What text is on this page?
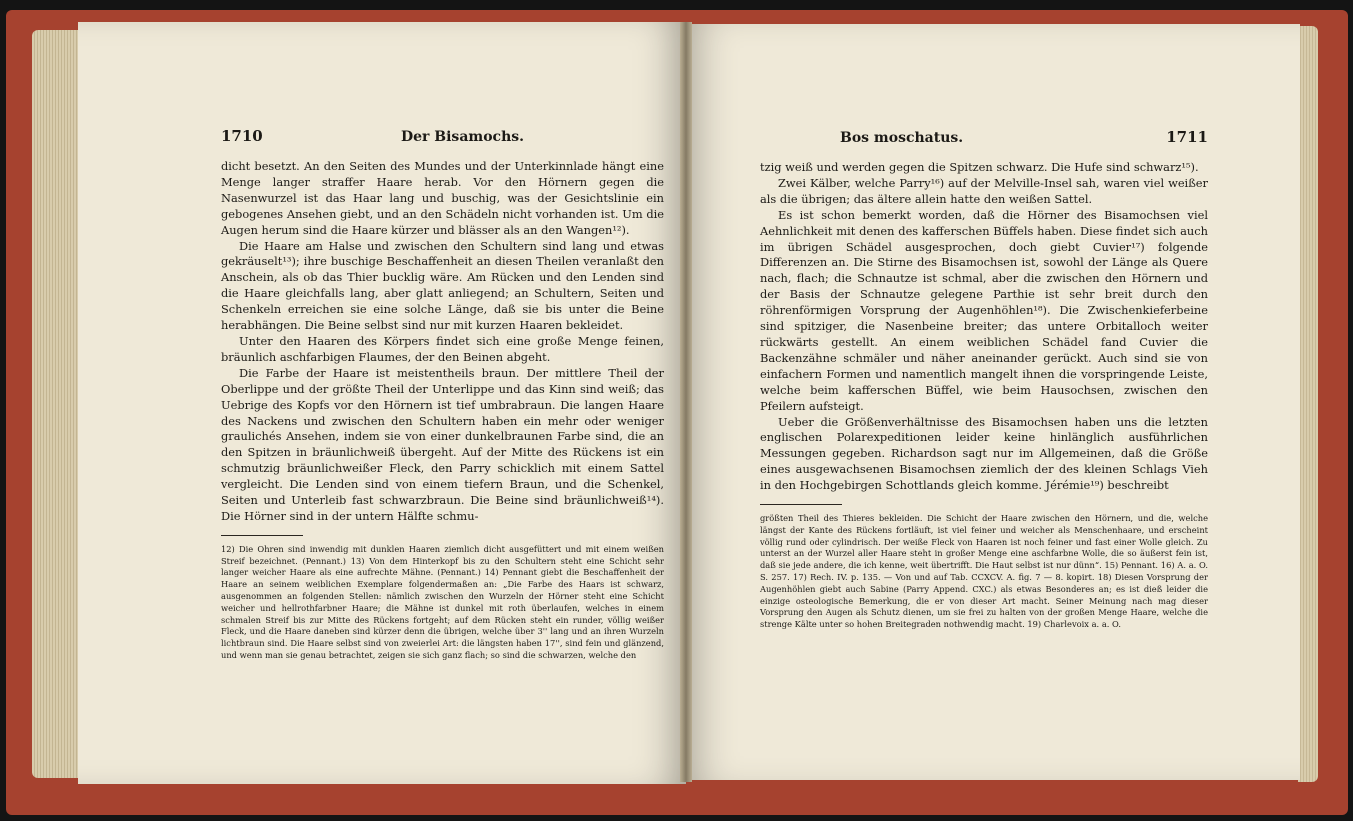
1710	Der Bisamochs.

dicht besetzt. An den Seiten des Mundes und der Unterkinnlade hängt eine Menge langer straffer Haare herab. Vor den Hörnern gegen die Nasenwurzel ist das Haar lang und buschig, was der Gesichtslinie ein gebogenes Ansehen giebt, und an den Schädeln nicht vorhanden ist. Um die Augen herum sind die Haare kürzer und blässer als an den Wangen¹²).

Die Haare am Halse und zwischen den Schultern sind lang und etwas gekräuselt¹³); ihre buschige Beschaffenheit an diesen Theilen veranlaßt den Anschein, als ob das Thier bucklig wäre. Am Rücken und den Lenden sind die Haare gleichfalls lang, aber glatt anliegend; an Schultern, Seiten und Schenkeln erreichen sie eine solche Länge, daß sie bis unter die Beine herabhängen. Die Beine selbst sind nur mit kurzen Haaren bekleidet.

Unter den Haaren des Körpers findet sich eine große Menge feinen, bräunlich aschfarbigen Flaumes, der den Beinen abgeht.

Die Farbe der Haare ist meistentheils braun. Der mittlere Theil der Oberlippe und der größte Theil der Unterlippe und das Kinn sind weiß; das Uebrige des Kopfs vor den Hörnern ist tief umbrabraun. Die langen Haare des Nackens und zwischen den Schultern haben ein mehr oder weniger graulichés Ansehen, indem sie von einer dunkelbraunen Farbe sind, die an den Spitzen in bräunlichweiß übergeht. Auf der Mitte des Rückens ist ein schmutzig bräunlichweißer Fleck, den Parry schicklich mit einem Sattel vergleicht. Die Lenden sind von einem tiefern Braun, und die Schenkel, Seiten und Unterleib fast schwarzbraun. Die Beine sind bräunlichweiß¹⁴). Die Hörner sind in der untern Hälfte schmu-

12) Die Ohren sind inwendig mit dunklen Haaren ziemlich dicht ausgefüttert und mit einem weißen Streif bezeichnet. (Pennant.) 13) Von dem Hinterkopf bis zu den Schultern steht eine Schicht sehr langer weicher Haare als eine aufrechte Mähne. (Pennant.) 14) Pennant giebt die Beschaffenheit der Haare an seinem weiblichen Exemplare folgendermaßen an: „Die Farbe des Haars ist schwarz, ausgenommen an folgenden Stellen: nämlich zwischen den Wurzeln der Hörner steht eine Schicht weicher und hellrothfarbner Haare; die Mähne ist dunkel mit roth überlaufen, welches in einem schmalen Streif bis zur Mitte des Rückens fortgeht; auf dem Rücken steht ein runder, völlig weißer Fleck, und die Haare daneben sind kürzer denn die übrigen, welche über 3'' lang und an ihren Wurzeln lichtbraun sind. Die Haare selbst sind von zweierlei Art: die längsten haben 17'', sind fein und glänzend, und wenn man sie genau betrachtet, zeigen sie sich ganz flach; so sind die schwarzen, welche den

Bos moschatus.	1711

tzig weiß und werden gegen die Spitzen schwarz. Die Hufe sind schwarz¹⁵).

Zwei Kälber, welche Parry¹⁶) auf der Melville-Insel sah, waren viel weißer als die übrigen; das ältere allein hatte den weißen Sattel.

Es ist schon bemerkt worden, daß die Hörner des Bisamochsen viel Aehnlichkeit mit denen des kafferschen Büffels haben. Diese findet sich auch im übrigen Schädel ausgesprochen, doch giebt Cuvier¹⁷) folgende Differenzen an. Die Stirne des Bisamochsen ist, sowohl der Länge als Quere nach, flach; die Schnautze ist schmal, aber die zwischen den Hörnern und der Basis der Schnautze gelegene Parthie ist sehr breit durch den röhrenförmigen Vorsprung der Augenhöhlen¹⁸). Die Zwischenkieferbeine sind spitziger, die Nasenbeine breiter; das untere Orbitalloch weiter rückwärts gestellt. An einem weiblichen Schädel fand Cuvier die Backenzähne schmäler und näher aneinander gerückt. Auch sind sie von einfachern Formen und namentlich mangelt ihnen die vorspringende Leiste, welche beim kafferschen Büffel, wie beim Hausochsen, zwischen den Pfeilern aufsteigt.

Ueber die Größenverhältnisse des Bisamochsen haben uns die letzten englischen Polarexpeditionen leider keine hinlänglich ausführlichen Messungen gegeben. Richardson sagt nur im Allgemeinen, daß die Größe eines ausgewachsenen Bisamochsen ziemlich der des kleinen Schlags Vieh in den Hochgebirgen Schottlands gleich komme. Jérémie¹⁹) beschreibt

größten Theil des Thieres bekleiden. Die Schicht der Haare zwischen den Hörnern, und die, welche längst der Kante des Rückens fortläuft, ist viel feiner und weicher als Menschenhaare, und erscheint völlig rund oder cylindrisch. Der weiße Fleck von Haaren ist noch feiner und fast einer Wolle gleich. Zu unterst an der Wurzel aller Haare steht in großer Menge eine aschfarbne Wolle, die so äußerst fein ist, daß sie jede andere, die ich kenne, weit übertrifft. Die Haut selbst ist nur dünn“. 15) Pennant. 16) A. a. O. S. 257. 17) Rech. IV. p. 135. — Von und auf Tab. CCXCV. A. fig. 7 — 8. kopirt. 18) Diesen Vorsprung der Augenhöhlen giebt auch Sabine (Parry Append. CXC.) als etwas Besonderes an; es ist dieß leider die einzige osteologische Bemerkung, die er von dieser Art macht. Seiner Meinung nach mag dieser Vorsprung den Augen als Schutz dienen, um sie frei zu halten von der großen Menge Haare, welche die strenge Kälte unter so hohen Breitegraden nothwendig macht. 19) Charlevoix a. a. O.
